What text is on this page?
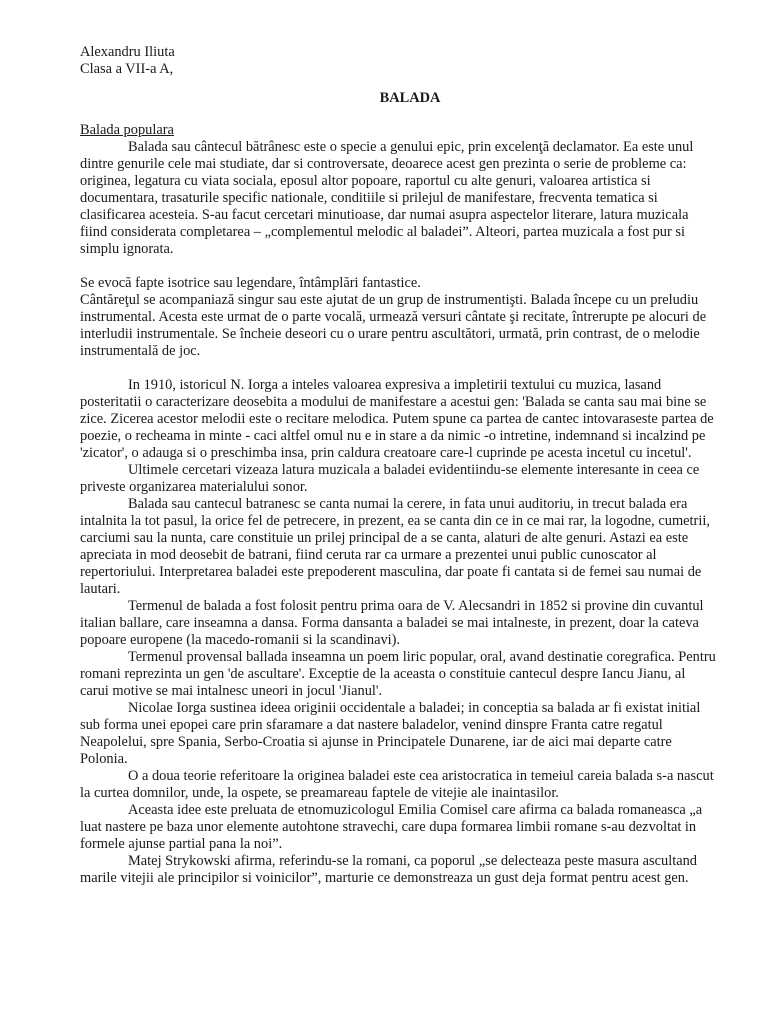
Alexandru Iliuta
Clasa a VII-a A,
BALADA
Balada populara

Balada sau cântecul bătrânesc este o specie a genului epic, prin excelenţă declamator. Ea este unul dintre genurile cele mai studiate, dar si controversate, deoarece acest gen prezinta o serie de probleme ca: originea, legatura cu viata sociala, eposul altor popoare, raportul cu alte genuri, valoarea artistica si documentara, trasaturile specific nationale, conditiile si prilejul de manifestare, frecventa tematica si clasificarea acesteia. S-au facut cercetari minutioase, dar numai asupra aspectelor literare, latura muzicala fiind considerata completarea – „complementul melodic al baladei”. Alteori, partea muzicala a fost pur si simplu ignorata.

Se evocă fapte isotrice sau legendare, întâmplări fantastice.

Cântăreţul se acompaniază singur sau este ajutat de un grup de instrumentişti. Balada începe cu un preludiu instrumental. Acesta este urmat de o parte vocală, urmează versuri cântate şi recitate, întrerupte pe alocuri de interludii instrumentale. Se încheie deseori cu o urare pentru ascultători, urmată, prin contrast, de o melodie instrumentală de joc.

In 1910, istoricul N. Iorga a inteles valoarea expresiva a impletirii textului cu muzica, lasand posteritatii o caracterizare deosebita a modului de manifestare a acestui gen: 'Balada se canta sau mai bine se zice. Zicerea acestor melodii este o recitare melodica. Putem spune ca partea de cantec intovaraseste partea de poezie, o recheama in minte - caci altfel omul nu e in stare a da nimic -o intretine, indemnand si incalzind pe 'zicator', o adauga si o preschimba insa, prin caldura creatoare care-l cuprinde pe acesta incetul cu incetul'.

Ultimele cercetari vizeaza latura muzicala a baladei evidentiindu-se elemente interesante in ceea ce priveste organizarea materialului sonor.

Balada sau cantecul batranesc se canta numai la cerere, in fata unui auditoriu, in trecut balada era intalnita la tot pasul, la orice fel de petrecere, in prezent, ea se canta din ce in ce mai rar, la logodne, cumetrii, carciumi sau la nunta, care constituie un prilej principal de a se canta, alaturi de alte genuri. Astazi ea este apreciata in mod deosebit de batrani, fiind ceruta rar ca urmare a prezentei unui public cunoscator al repertoriului. Interpretarea baladei este prepoderent masculina, dar poate fi cantata si de femei sau numai de lautari.

Termenul de balada a fost folosit pentru prima oara de V. Alecsandri in 1852 si provine din cuvantul italian ballare, care inseamna a dansa. Forma dansanta a baladei se mai intalneste, in prezent, doar la cateva popoare europene (la macedo-romanii si la scandinavi).

Termenul provensal ballada inseamna un poem liric popular, oral, avand destinatie coregrafica. Pentru romani reprezinta un gen 'de ascultare'. Exceptie de la aceasta o constituie cantecul despre Iancu Jianu, al carui motive se mai intalnesc uneori in jocul 'Jianul'.

Nicolae Iorga sustinea ideea originii occidentale a baladei; in conceptia sa balada ar fi existat initial sub forma unei epopei care prin sfaramare a dat nastere baladelor, venind dinspre Franta catre regatul Neapolelui, spre Spania, Serbo-Croatia si ajunse in Principatele Dunarene, iar de aici mai departe catre Polonia.

O a doua teorie referitoare la originea baladei este cea aristocratica in temeiul careia balada s-a nascut la curtea domnilor, unde, la ospete, se preamareau faptele de vitejie ale inaintasilor.

Aceasta idee este preluata de etnomuzicologul Emilia Comisel care afirma ca balada romaneasca „a luat nastere pe baza unor elemente autohtone stravechi, care dupa formarea limbii romane s-au dezvoltat in formele ajunse partial pana la noi”.

Matej Strykowski afirma, referindu-se la romani, ca poporul „se delecteaza peste masura ascultand marile vitejii ale principilor si voinicilor”, marturie ce demonstreaza un gust deja format pentru acest gen.
